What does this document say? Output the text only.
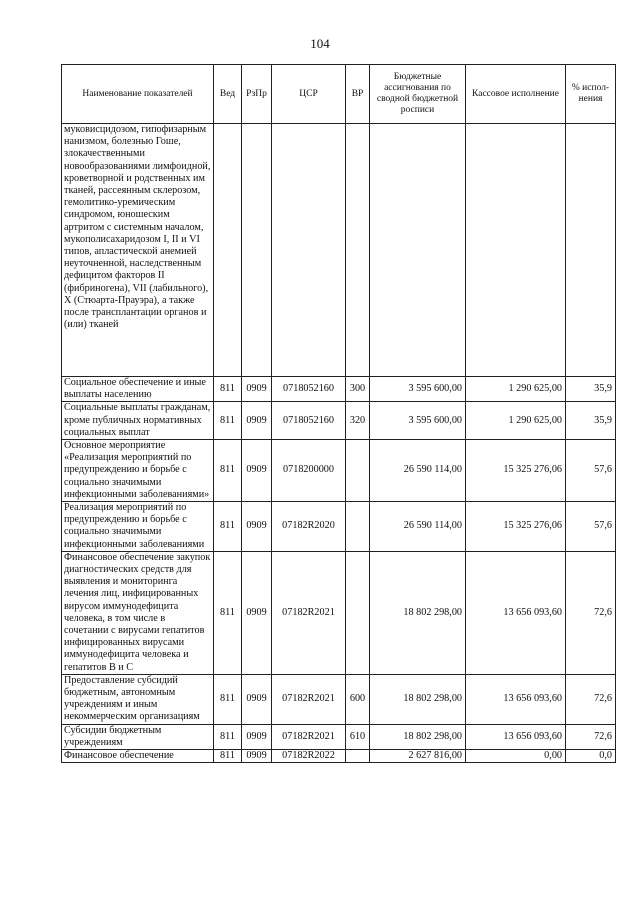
104
Наименование показателей	Вед	РзПр	ЦСР	ВР	Бюджетные ассигнования по сводной бюджетной росписи	Кассовое исполнение	% испол-нения
муковисцидозом, гипофизарным нанизмом, болезнью Гоше, злокачественными новообразованиями лимфоидной, кроветворной и родственных им тканей, рассеянным склерозом, гемолитико-уремическим синдромом, юношеским артритом с системным началом, мукополисахаридозом I, II и VI типов, апластической анемией неуточненной, наследственным дефицитом факторов II (фибриногена), VII (лабильного), X (Стюарта-Прауэра), а также после трансплантации органов и (или) тканей							
Социальное обеспечение и иные выплаты населению	811	0909	0718052160	300	3 595 600,00	1 290 625,00	35,9
Социальные выплаты гражданам, кроме публичных нормативных социальных выплат	811	0909	0718052160	320	3 595 600,00	1 290 625,00	35,9
Основное мероприятие «Реализация мероприятий по предупреждению и борьбе с социально значимыми инфекционными заболеваниями»	811	0909	0718200000		26 590 114,00	15 325 276,06	57,6
Реализация мероприятий по предупреждению и борьбе с социально значимыми инфекционными заболеваниями	811	0909	07182R2020		26 590 114,00	15 325 276,06	57,6
Финансовое обеспечение закупок диагностических средств для выявления и мониторинга лечения лиц, инфицированных вирусом иммунодефицита человека, в том числе в сочетании с вирусами гепатитов инфицированных вирусами иммунодефицита человека и гепатитов В и С	811	0909	07182R2021		18 802 298,00	13 656 093,60	72,6
Предоставление субсидий бюджетным, автономным учреждениям и иным некоммерческим организациям	811	0909	07182R2021	600	18 802 298,00	13 656 093,60	72,6
Субсидии бюджетным учреждениям	811	0909	07182R2021	610	18 802 298,00	13 656 093,60	72,6
Финансовое обеспечение	811	0909	07182R2022		2 627 816,00	0,00	0,0
